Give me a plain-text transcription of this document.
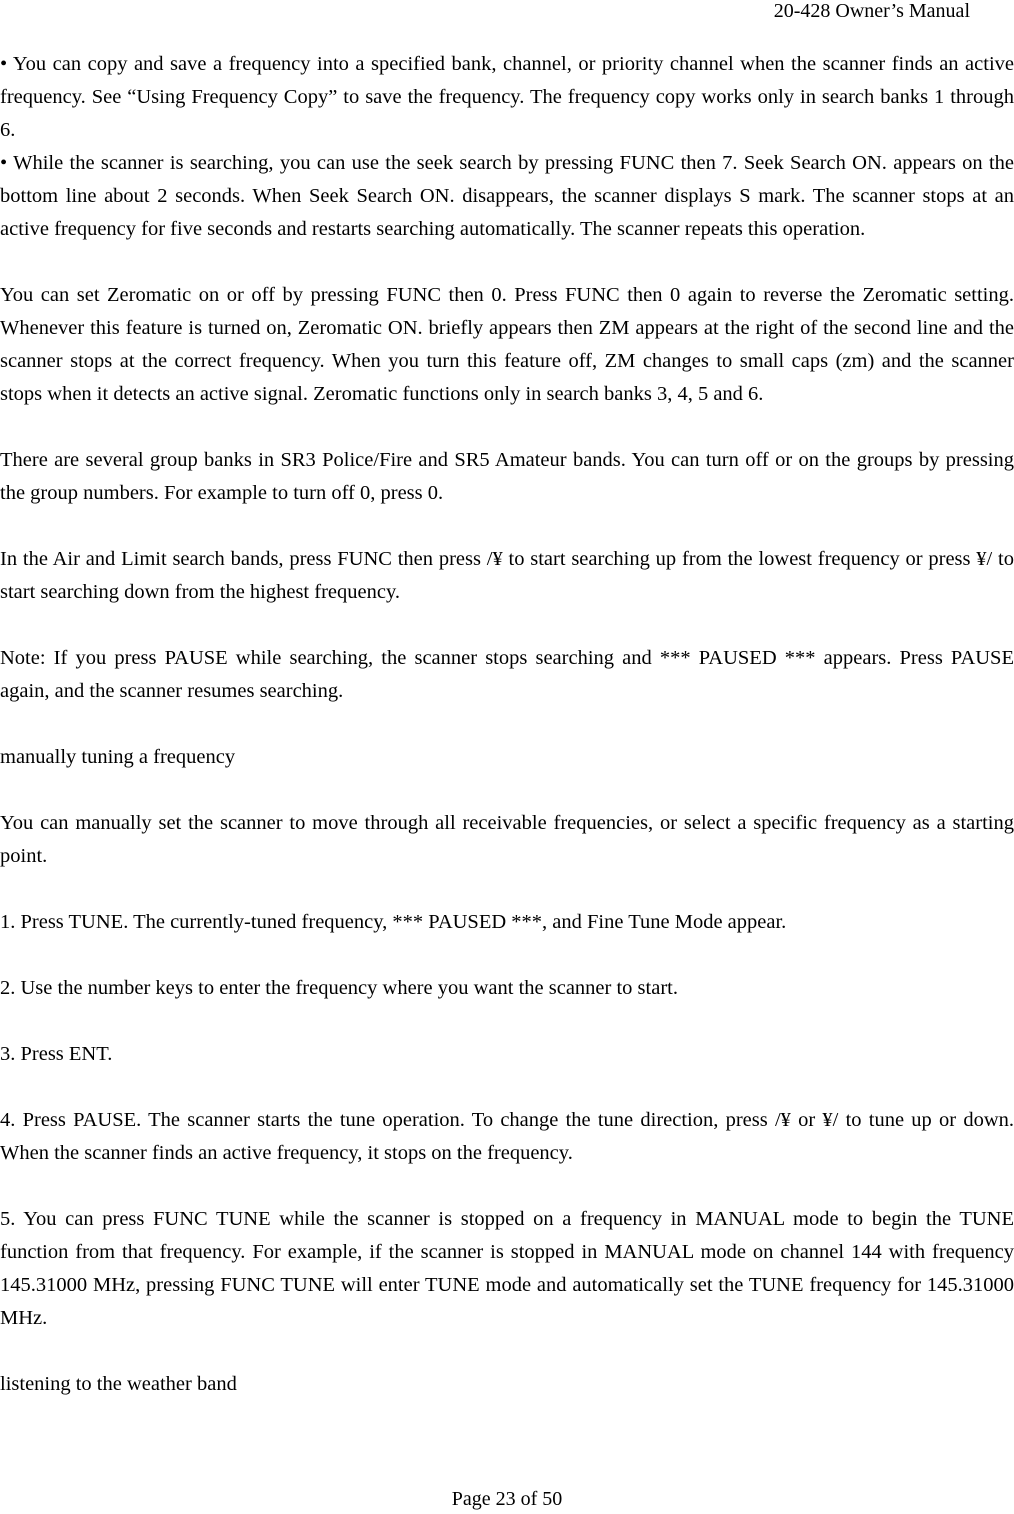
20-428 Owner’s Manual

• You can copy and save a frequency into a specified bank, channel, or priority channel when the scanner finds an active frequency. See “Using Frequency Copy” to save the frequency. The frequency copy works only in search banks 1 through 6.

• While the scanner is searching, you can use the seek search by pressing FUNC then 7. Seek Search ON. appears on the bottom line about 2 seconds. When Seek Search ON. disappears, the scanner displays S mark. The scanner stops at an active frequency for five seconds and restarts searching automatically. The scanner repeats this operation.

You can set Zeromatic on or off by pressing FUNC then 0. Press FUNC then 0 again to reverse the Zeromatic setting. Whenever this feature is turned on, Zeromatic ON. briefly appears then ZM appears at the right of the second line and the scanner stops at the correct frequency. When you turn this feature off, ZM changes to small caps (zm) and the scanner stops when it detects an active signal. Zeromatic functions only in search banks 3, 4, 5 and 6.

There are several group banks in SR3 Police/Fire and SR5 Amateur bands. You can turn off or on the groups by pressing the group numbers. For example to turn off 0, press 0.

In the Air and Limit search bands, press FUNC then press /¥ to start searching up from the lowest frequency or press ¥/ to start searching down from the highest frequency.

Note: If you press PAUSE while searching, the scanner stops searching and *** PAUSED *** appears. Press PAUSE again, and the scanner resumes searching.

manually tuning a frequency

You can manually set the scanner to move through all receivable frequencies, or select a specific frequency as a starting point.

1. Press TUNE. The currently-tuned frequency, *** PAUSED ***, and Fine Tune Mode appear.

2. Use the number keys to enter the frequency where you want the scanner to start.

3. Press ENT.

4. Press PAUSE. The scanner starts the tune operation. To change the tune direction, press /¥ or ¥/ to tune up or down. When the scanner finds an active frequency, it stops on the frequency.

5. You can press FUNC TUNE while the scanner is stopped on a frequency in MANUAL mode to begin the TUNE function from that frequency. For example, if the scanner is stopped in MANUAL mode on channel 144 with frequency 145.31000 MHz, pressing FUNC TUNE will enter TUNE mode and automatically set the TUNE frequency for 145.31000 MHz.

listening to the weather band

Page 23 of 50
